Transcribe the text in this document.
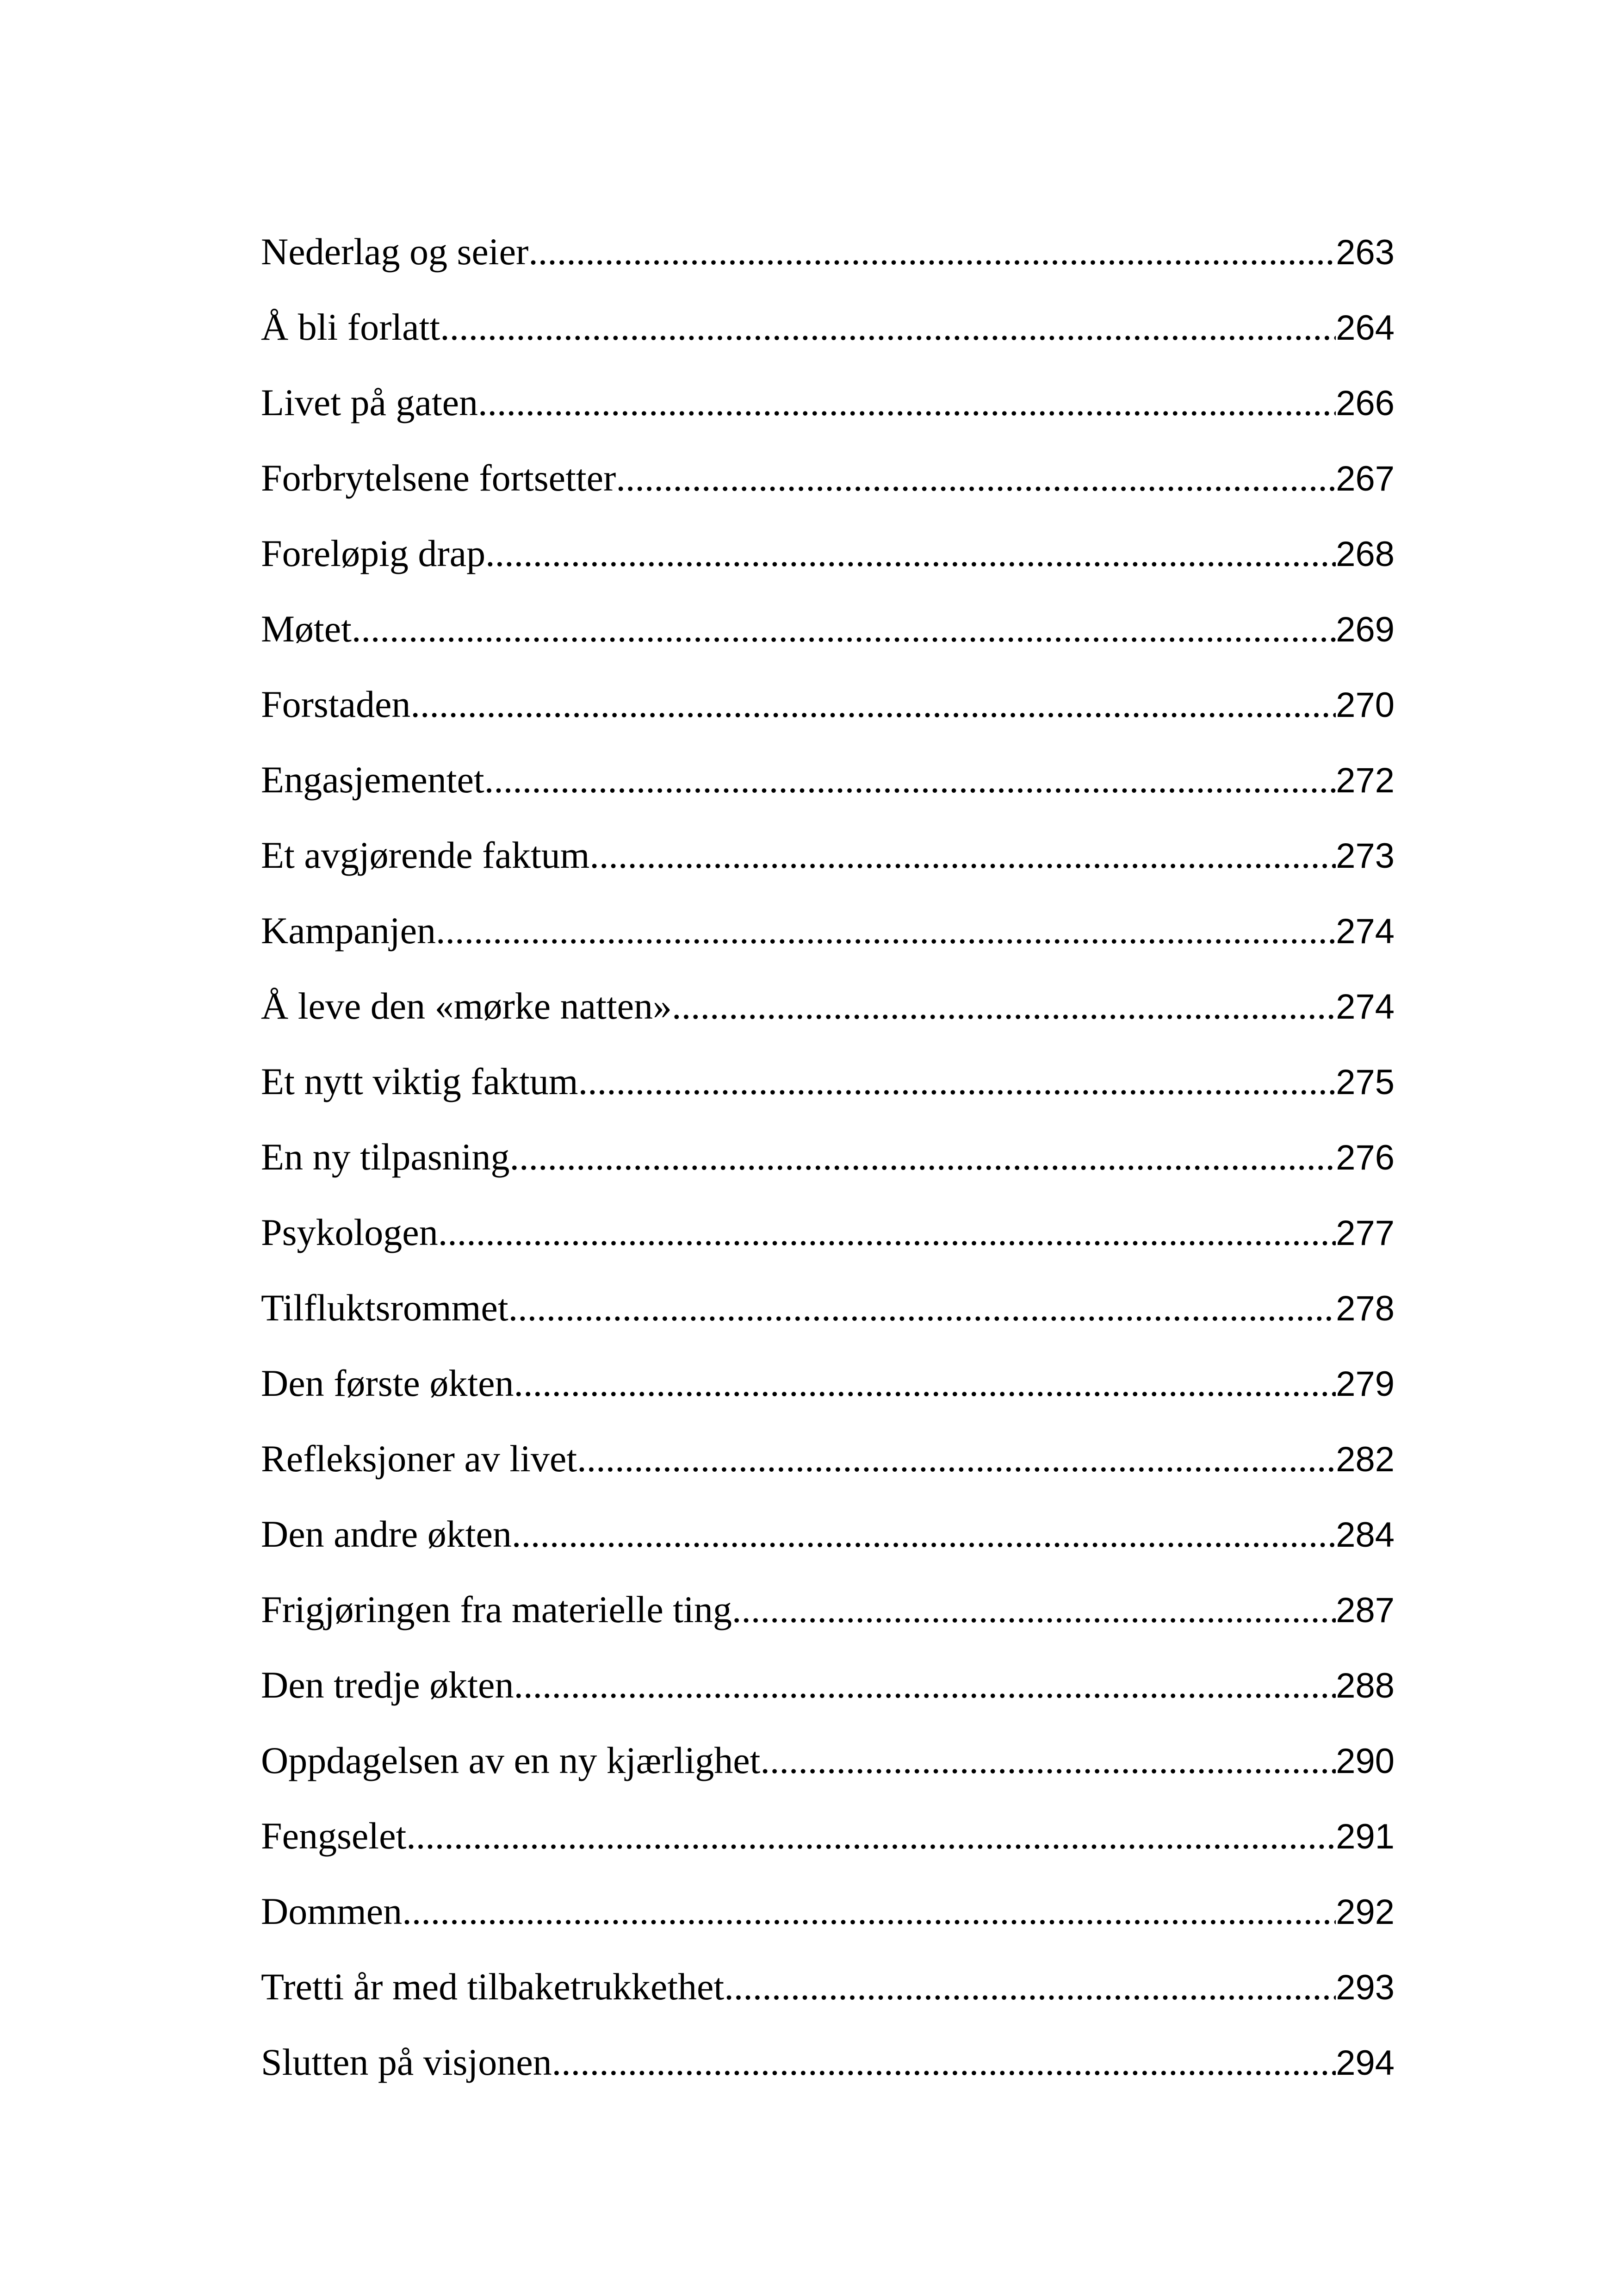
Nederlag og seier .....	263
Å bli forlatt .....	264
Livet på gaten .....	266
Forbrytelsene fortsetter .....	267
Foreløpig drap .....	268
Møtet .....	269
Forstaden .....	270
Engasjementet .....	272
Et avgjørende faktum .....	273
Kampanjen .....	274
Å leve den «mørke natten» .....	274
Et nytt viktig faktum .....	275
En ny tilpasning .....	276
Psykologen .....	277
Tilfluktsrommet .....	278
Den første økten .....	279
Refleksjoner av livet .....	282
Den andre økten .....	284
Frigjøringen fra materielle ting .....	287
Den tredje økten .....	288
Oppdagelsen av en ny kjærlighet .....	290
Fengselet .....	291
Dommen .....	292
Tretti år med tilbaketrukkethet .....	293
Slutten på visjonen .....	294
